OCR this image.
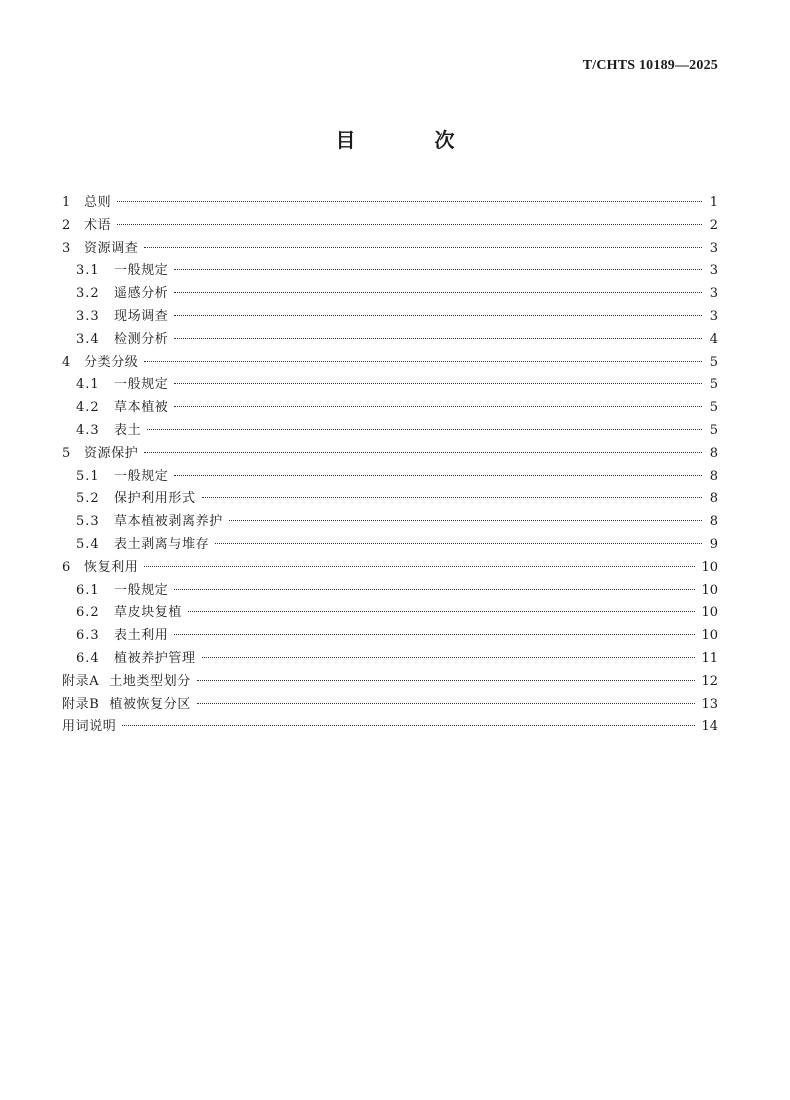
T/CHTS 10189—2025
目 次
1 总则	1
2 术语	2
3 资源调查	3
3.1	一般规定	3
3.2	遥感分析	3
3.3	现场调查	3
3.4	检测分析	4
4 分类分级	5
4.1	一般规定	5
4.2	草本植被	5
4.3	表土	5
5 资源保护	8
5.1	一般规定	8
5.2	保护利用形式	8
5.3	草本植被剥离养护	8
5.4	表土剥离与堆存	9
6 恢复利用	10
6.1	一般规定	10
6.2	草皮块复植	10
6.3	表土利用	10
6.4	植被养护管理	11
附录A 土地类型划分	12
附录B 植被恢复分区	13
用词说明	14
